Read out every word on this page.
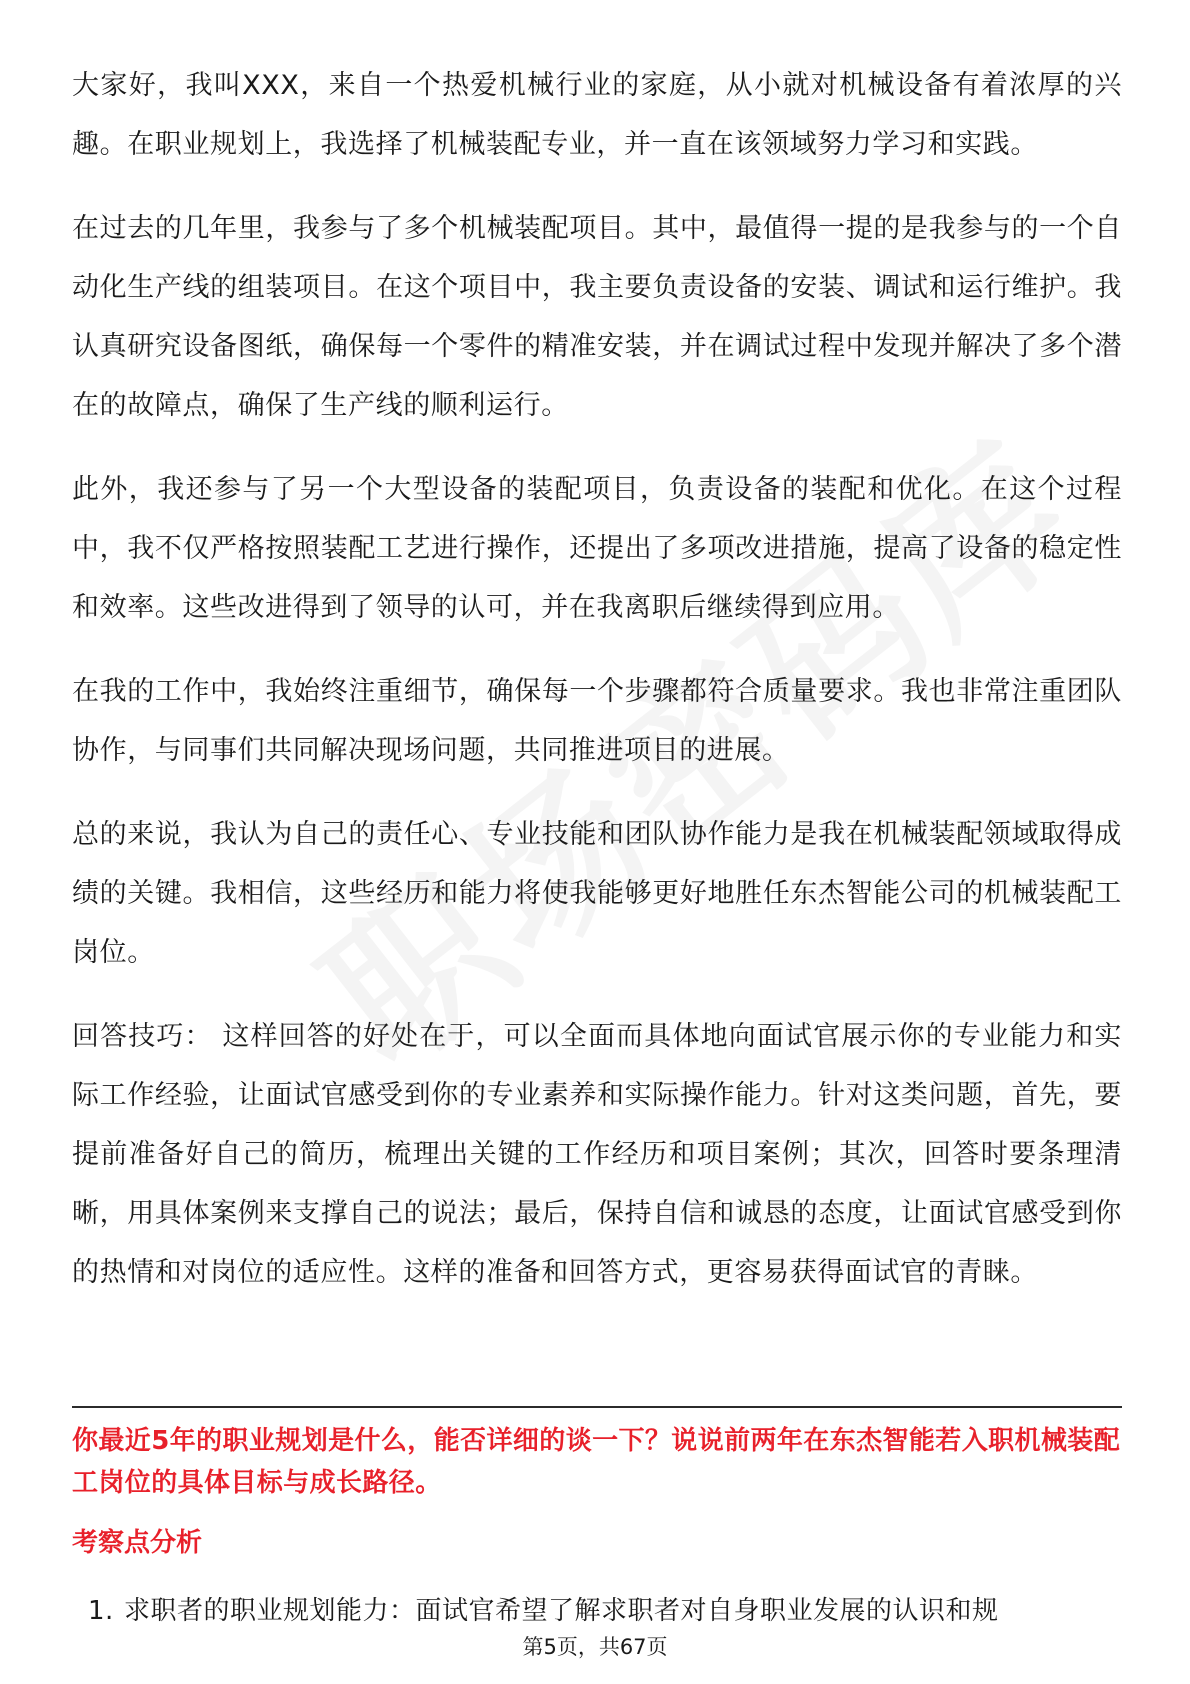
大家好，我叫XXX，来自一个热爱机械行业的家庭，从小就对机械设备有着浓厚的兴趣。在职业规划上，我选择了机械装配专业，并一直在该领域努力学习和实践。

在过去的几年里，我参与了多个机械装配项目。其中，最值得一提的是我参与的一个自动化生产线的组装项目。在这个项目中，我主要负责设备的安装、调试和运行维护。我认真研究设备图纸，确保每一个零件的精准安装，并在调试过程中发现并解决了多个潜在的故障点，确保了生产线的顺利运行。

此外，我还参与了另一个大型设备的装配项目，负责设备的装配和优化。在这个过程中，我不仅严格按照装配工艺进行操作，还提出了多项改进措施，提高了设备的稳定性和效率。这些改进得到了领导的认可，并在我离职后继续得到应用。

在我的工作中，我始终注重细节，确保每一个步骤都符合质量要求。我也非常注重团队协作，与同事们共同解决现场问题，共同推进项目的进展。

总的来说，我认为自己的责任心、专业技能和团队协作能力是我在机械装配领域取得成绩的关键。我相信，这些经历和能力将使我能够更好地胜任东杰智能公司的机械装配工岗位。

回答技巧： 这样回答的好处在于，可以全面而具体地向面试官展示你的专业能力和实际工作经验，让面试官感受到你的专业素养和实际操作能力。针对这类问题，首先，要提前准备好自己的简历，梳理出关键的工作经历和项目案例；其次，回答时要条理清晰，用具体案例来支撑自己的说法；最后，保持自信和诚恳的态度，让面试官感受到你的热情和对岗位的适应性。这样的准备和回答方式，更容易获得面试官的青睐。

你最近5年的职业规划是什么，能否详细的谈一下？说说前两年在东杰智能若入职机械装配工岗位的具体目标与成长路径。
考察点分析
1. 求职者的职业规划能力：面试官希望了解求职者对自身职业发展的认识和规
第5页，共67页
